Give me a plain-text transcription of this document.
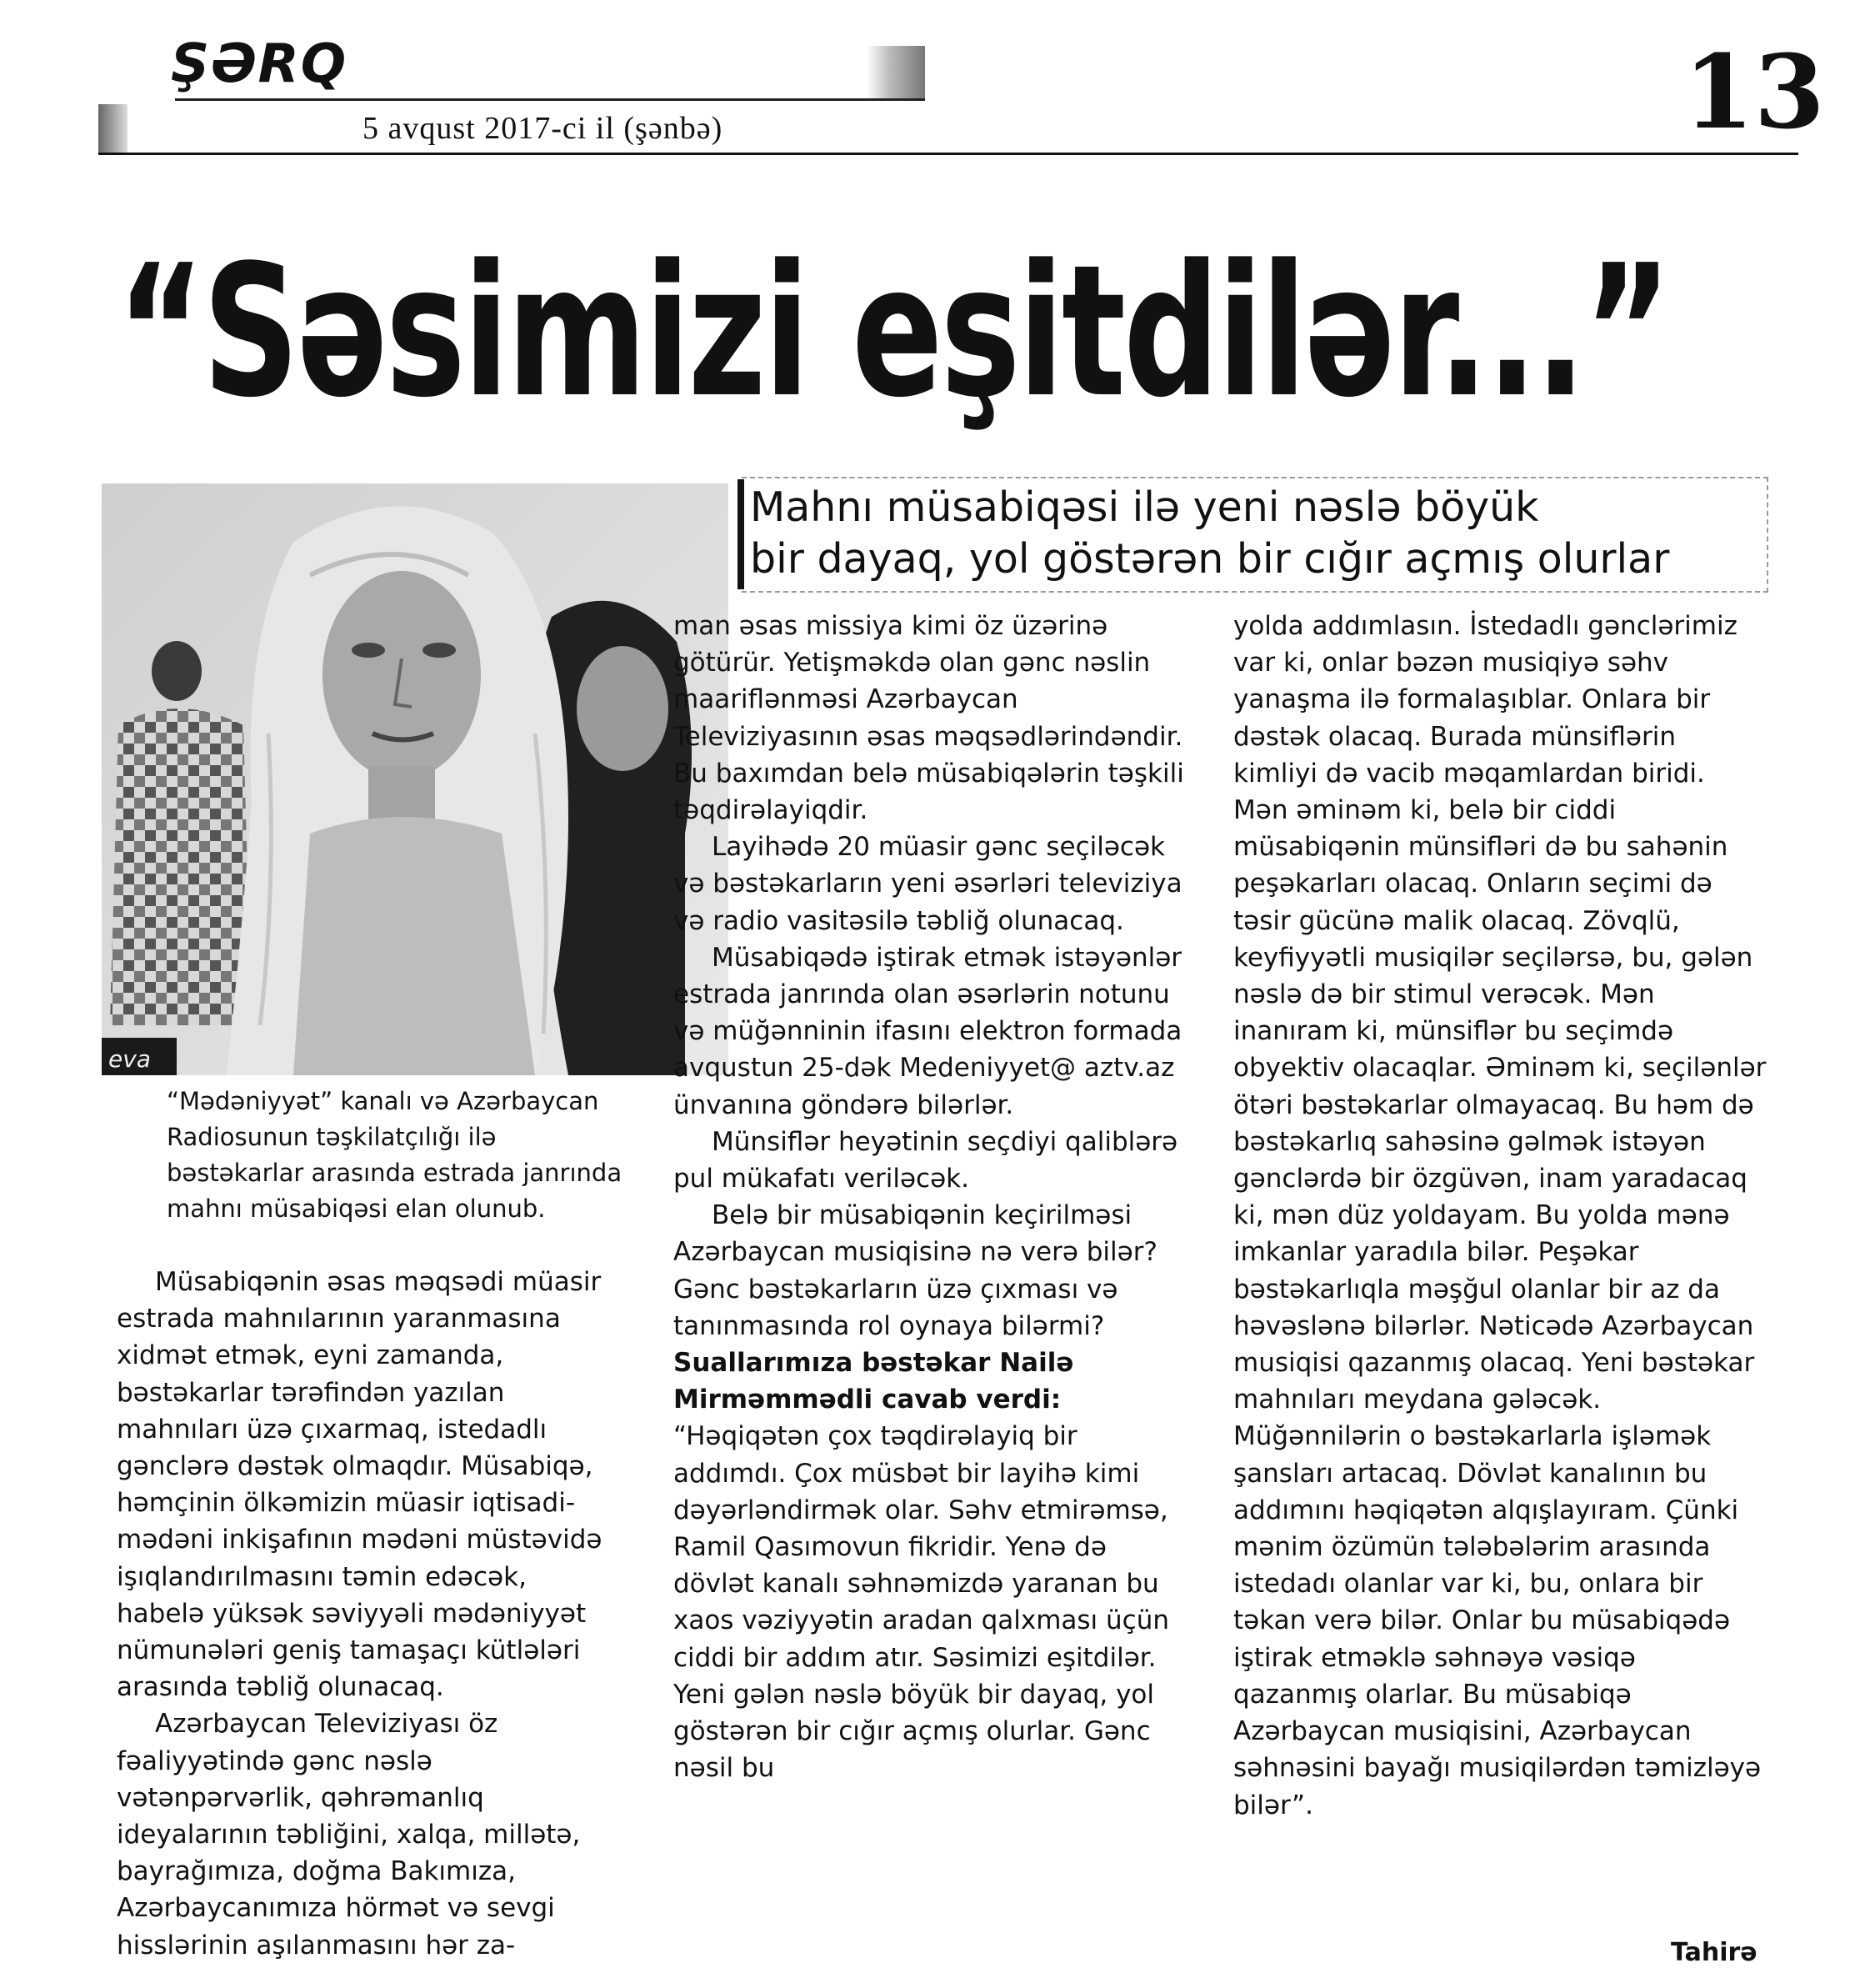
ŞƏRQ
5 avqust 2017-ci il (şənbə)	13
“Səsimizi eşitdilər...”
Mahnı müsabiqəsi ilə yeni nəslə böyük
bir dayaq, yol göstərən bir cığır açmış olurlar
eva
“Mədəniyyət” kanalı və Azərbaycan Radiosunun təşkilatçılığı ilə bəstəkarlar arasında estrada janrında mahnı müsabiqəsi elan olunub.

Müsabiqənin əsas məqsədi müasir estrada mahnılarının yaranmasına xidmət etmək, eyni zamanda, bəstəkarlar tərəfindən yazılan mahnıları üzə çıxarmaq, istedadlı gənclərə dəstək olmaqdır. Müsabiqə, həmçinin ölkəmizin müasir iqtisadi-mədəni inkişafının mədəni müstəvidə işıqlandırılmasını təmin edəcək, habelə yüksək səviyyəli mədəniyyət nümunələri geniş tamaşaçı kütlələri arasında təbliğ olunacaq.

Azərbaycan Televiziyası öz fəaliyyətində gənc nəslə vətənpərvərlik, qəhrəmanlıq ideyalarının təbliğini, xalqa, millətə, bayrağımıza, doğma Bakımıza, Azərbaycanımıza hörmət və sevgi hisslərinin aşılanmasını hər za-

man əsas missiya kimi öz üzərinə götürür. Yetişməkdə olan gənc nəslin maariflənməsi Azərbaycan Televiziyasının əsas məqsədlərindəndir. Bu baxımdan belə müsabiqələrin təşkili təqdirəlayiqdir.

Layihədə 20 müasir gənc seçiləcək və bəstəkarların yeni əsərləri televiziya və radio vasitəsilə təbliğ olunacaq.

Müsabiqədə iştirak etmək istəyənlər estrada janrında olan əsərlərin notunu və müğənninin ifasını elektron formada avqustun 25-dək Medeniyyet@ aztv.az ünvanına göndərə bilərlər.

Münsiflər heyətinin seçdiyi qaliblərə pul mükafatı veriləcək.

Belə bir müsabiqənin keçirilməsi Azərbaycan musiqisinə nə verə bilər? Gənc bəstəkarların üzə çıxması və tanınmasında rol oynaya bilərmi? Suallarımıza bəstəkar Nailə Mirməmmədli cavab verdi: “Həqiqətən çox təqdirəlayiq bir addımdı. Çox müsbət bir layihə kimi dəyərləndirmək olar. Səhv etmirəmsə, Ramil Qasımovun fikridir. Yenə də dövlət kanalı səhnəmizdə yaranan bu xaos vəziyyətin aradan qalxması üçün ciddi bir addım atır. Səsimizi eşitdilər. Yeni gələn nəslə böyük bir dayaq, yol göstərən bir cığır açmış olurlar. Gənc nəsil bu

yolda addımlasın. İstedadlı gənclərimiz var ki, onlar bəzən musiqiyə səhv yanaşma ilə formalaşıblar. Onlara bir dəstək olacaq. Burada münsiflərin kimliyi də vacib məqamlardan biridi. Mən əminəm ki, belə bir ciddi müsabiqənin münsifləri də bu sahənin peşəkarları olacaq. Onların seçimi də təsir gücünə malik olacaq. Zövqlü, keyfiyyətli musiqilər seçilərsə, bu, gələn nəslə də bir stimul verəcək. Mən inanıram ki, münsiflər bu seçimdə obyektiv olacaqlar. Əminəm ki, seçilənlər ötəri bəstəkarlar olmayacaq. Bu həm də bəstəkarlıq sahəsinə gəlmək istəyən gənclərdə bir özgüvən, inam yaradacaq ki, mən düz yoldayam. Bu yolda mənə imkanlar yaradıla bilər. Peşəkar bəstəkarlıqla məşğul olanlar bir az da həvəslənə bilərlər. Nəticədə Azərbaycan musiqisi qazanmış olacaq. Yeni bəstəkar mahnıları meydana gələcək. Müğənnilərin o bəstəkarlarla işləmək şansları artacaq. Dövlət kanalının bu addımını həqiqətən alqışlayıram. Çünki mənim özümün tələbələrim arasında istedadı olanlar var ki, bu, onlara bir təkan verə bilər. Onlar bu müsabiqədə iştirak etməklə səhnəyə vəsiqə qazanmış olarlar. Bu müsabiqə Azərbaycan musiqisini, Azərbaycan səhnəsini bayağı musiqilərdən təmizləyə bilər”.

Tahirə
